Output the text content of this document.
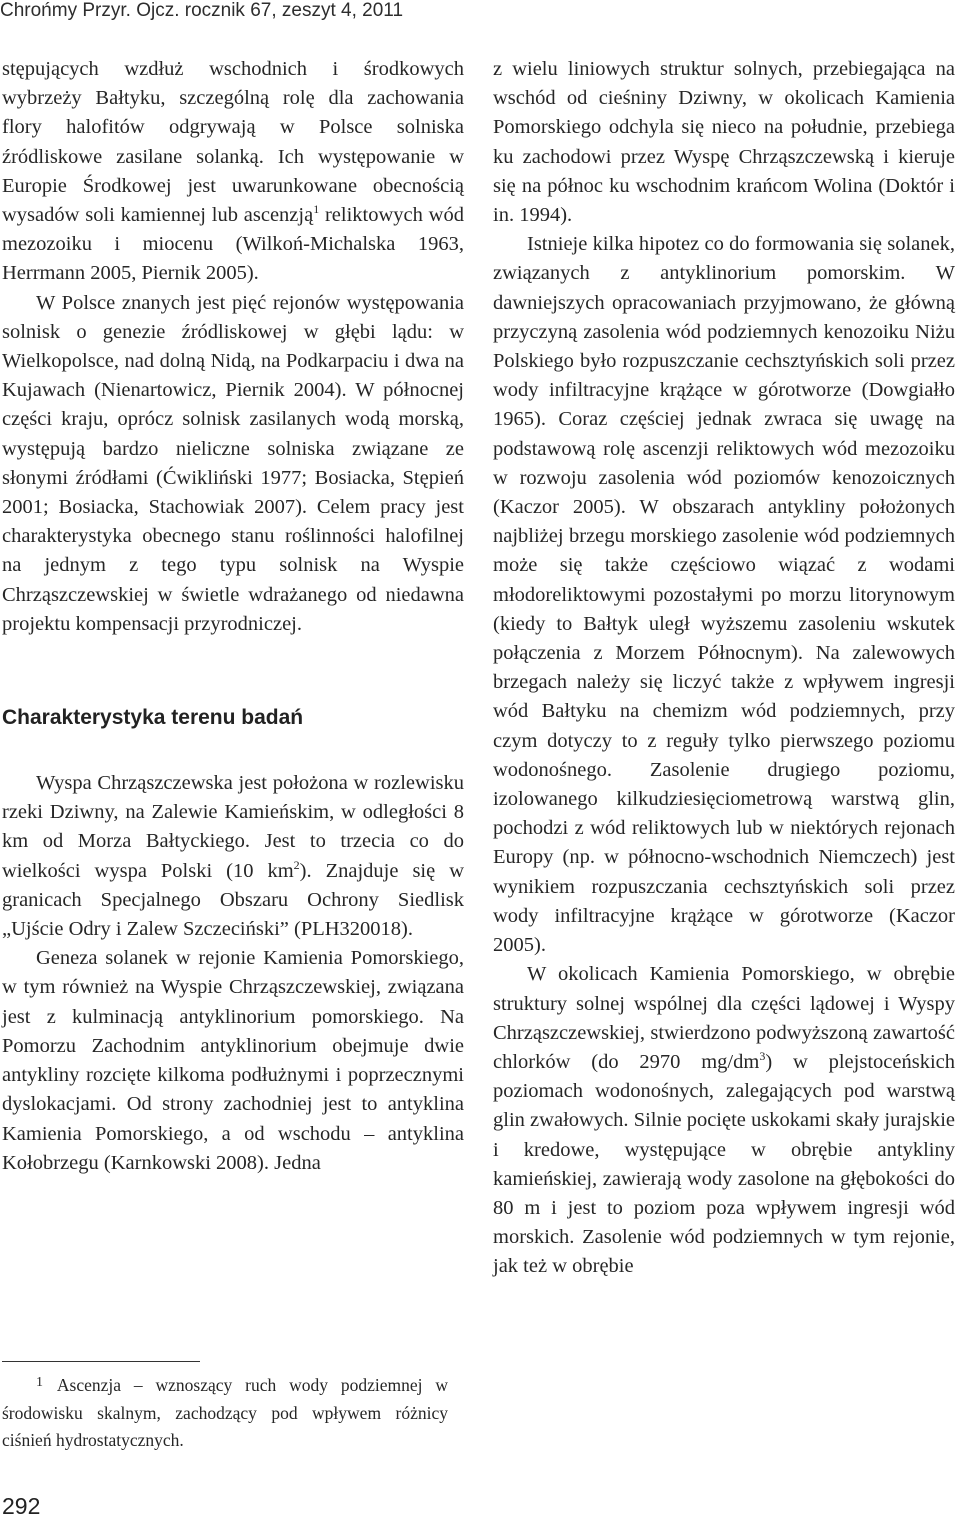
Chrońmy Przyr. Ojcz. rocznik 67, zeszyt 4, 2011

stępujących wzdłuż wschodnich i środkowych wybrzeży Bałtyku, szczególną rolę dla zachowania flory halofitów odgrywają w Polsce solniska źródliskowe zasilane solanką. Ich występowanie w Europie Środkowej jest uwarunkowane obecnością wysadów soli kamiennej lub ascenzją$^1$ reliktowych wód mezozoiku i miocenu (Wilkoń-Michalska 1963, Herrmann 2005, Piernik 2005).

W Polsce znanych jest pięć rejonów występowania solnisk o genezie źródliskowej w głębi lądu: w Wielkopolsce, nad dolną Nidą, na Podkarpaciu i dwa na Kujawach (Nienartowicz, Piernik 2004). W północnej części kraju, oprócz solnisk zasilanych wodą morską, występują bardzo nieliczne solniska związane ze słonymi źródłami (Ćwikliński 1977; Bosiacka, Stępień 2001; Bosiacka, Stachowiak 2007). Celem pracy jest charakterystyka obecnego stanu roślinności halofilnej na jednym z tego typu solnisk na Wyspie Chrząszczewskiej w świetle wdrażanego od niedawna projektu kompensacji przyrodniczej.

Charakterystyka terenu badań

Wyspa Chrząszczewska jest położona w rozlewisku rzeki Dziwny, na Zalewie Kamieńskim, w odległości 8 km od Morza Bałtyckiego. Jest to trzecia co do wielkości wyspa Polski (10 $km^2$). Znajduje się w granicach Specjalnego Obszaru Ochrony Siedlisk „Ujście Odry i Zalew Szczeciński” (PLH320018).

Geneza solanek w rejonie Kamienia Pomorskiego, w tym również na Wyspie Chrząszczewskiej, związana jest z kulminacją antyklinorium pomorskiego. Na Pomorzu Zachodnim antyklinorium obejmuje dwie antykliny rozcięte kilkoma podłużnymi i poprzecznymi dyslokacjami. Od strony zachodniej jest to antyklina Kamienia Pomorskiego, a od wschodu – antyklina Kołobrzegu (Karnkowski 2008). Jedna

$^1$ Ascenzja – wznoszący ruch wody podziemnej w środowisku skalnym, zachodzący pod wpływem różnicy ciśnień hydrostatycznych.

z wielu liniowych struktur solnych, przebiegająca na wschód od cieśniny Dziwny, w okolicach Kamienia Pomorskiego odchyla się nieco na południe, przebiega ku zachodowi przez Wyspę Chrząszczewską i kieruje się na północ ku wschodnim krańcom Wolina (Doktór i in. 1994).

Istnieje kilka hipotez co do formowania się solanek, związanych z antyklinorium pomorskim. W dawniejszych opracowaniach przyjmowano, że główną przyczyną zasolenia wód podziemnych kenozoiku Niżu Polskiego było rozpuszczanie cechsztyńskich soli przez wody infiltracyjne krążące w górotworze (Dowgiałło 1965). Coraz częściej jednak zwraca się uwagę na podstawową rolę ascenzji reliktowych wód mezozoiku w rozwoju zasolenia wód poziomów kenozoicznych (Kaczor 2005). W obszarach antykliny położonych najbliżej brzegu morskiego zasolenie wód podziemnych może się także częściowo wiązać z wodami młodoreliktowymi pozostałymi po morzu litorynowym (kiedy to Bałtyk uległ wyższemu zasoleniu wskutek połączenia z Morzem Północnym). Na zalewowych brzegach należy się liczyć także z wpływem ingresji wód Bałtyku na chemizm wód podziemnych, przy czym dotyczy to z reguły tylko pierwszego poziomu wodonośnego. Zasolenie drugiego poziomu, izolowanego kilkudziesięciometrową warstwą glin, pochodzi z wód reliktowych lub w niektórych rejonach Europy (np. w północno-wschodnich Niemczech) jest wynikiem rozpuszczania cechsztyńskich soli przez wody infiltracyjne krążące w górotworze (Kaczor 2005).

W okolicach Kamienia Pomorskiego, w obrębie struktury solnej wspólnej dla części lądowej i Wyspy Chrząszczewskiej, stwierdzono podwyższoną zawartość chlorków (do 2970 $mg/dm^3$) w plejstoceńskich poziomach wodonośnych, zalegających pod warstwą glin zwałowych. Silnie pocięte uskokami skały jurajskie i kredowe, występujące w obrębie antykliny kamieńskiej, zawierają wody zasolone na głębokości do 80 m i jest to poziom poza wpływem ingresji wód morskich. Zasolenie wód podziemnych w tym rejonie, jak też w obrębie

292
